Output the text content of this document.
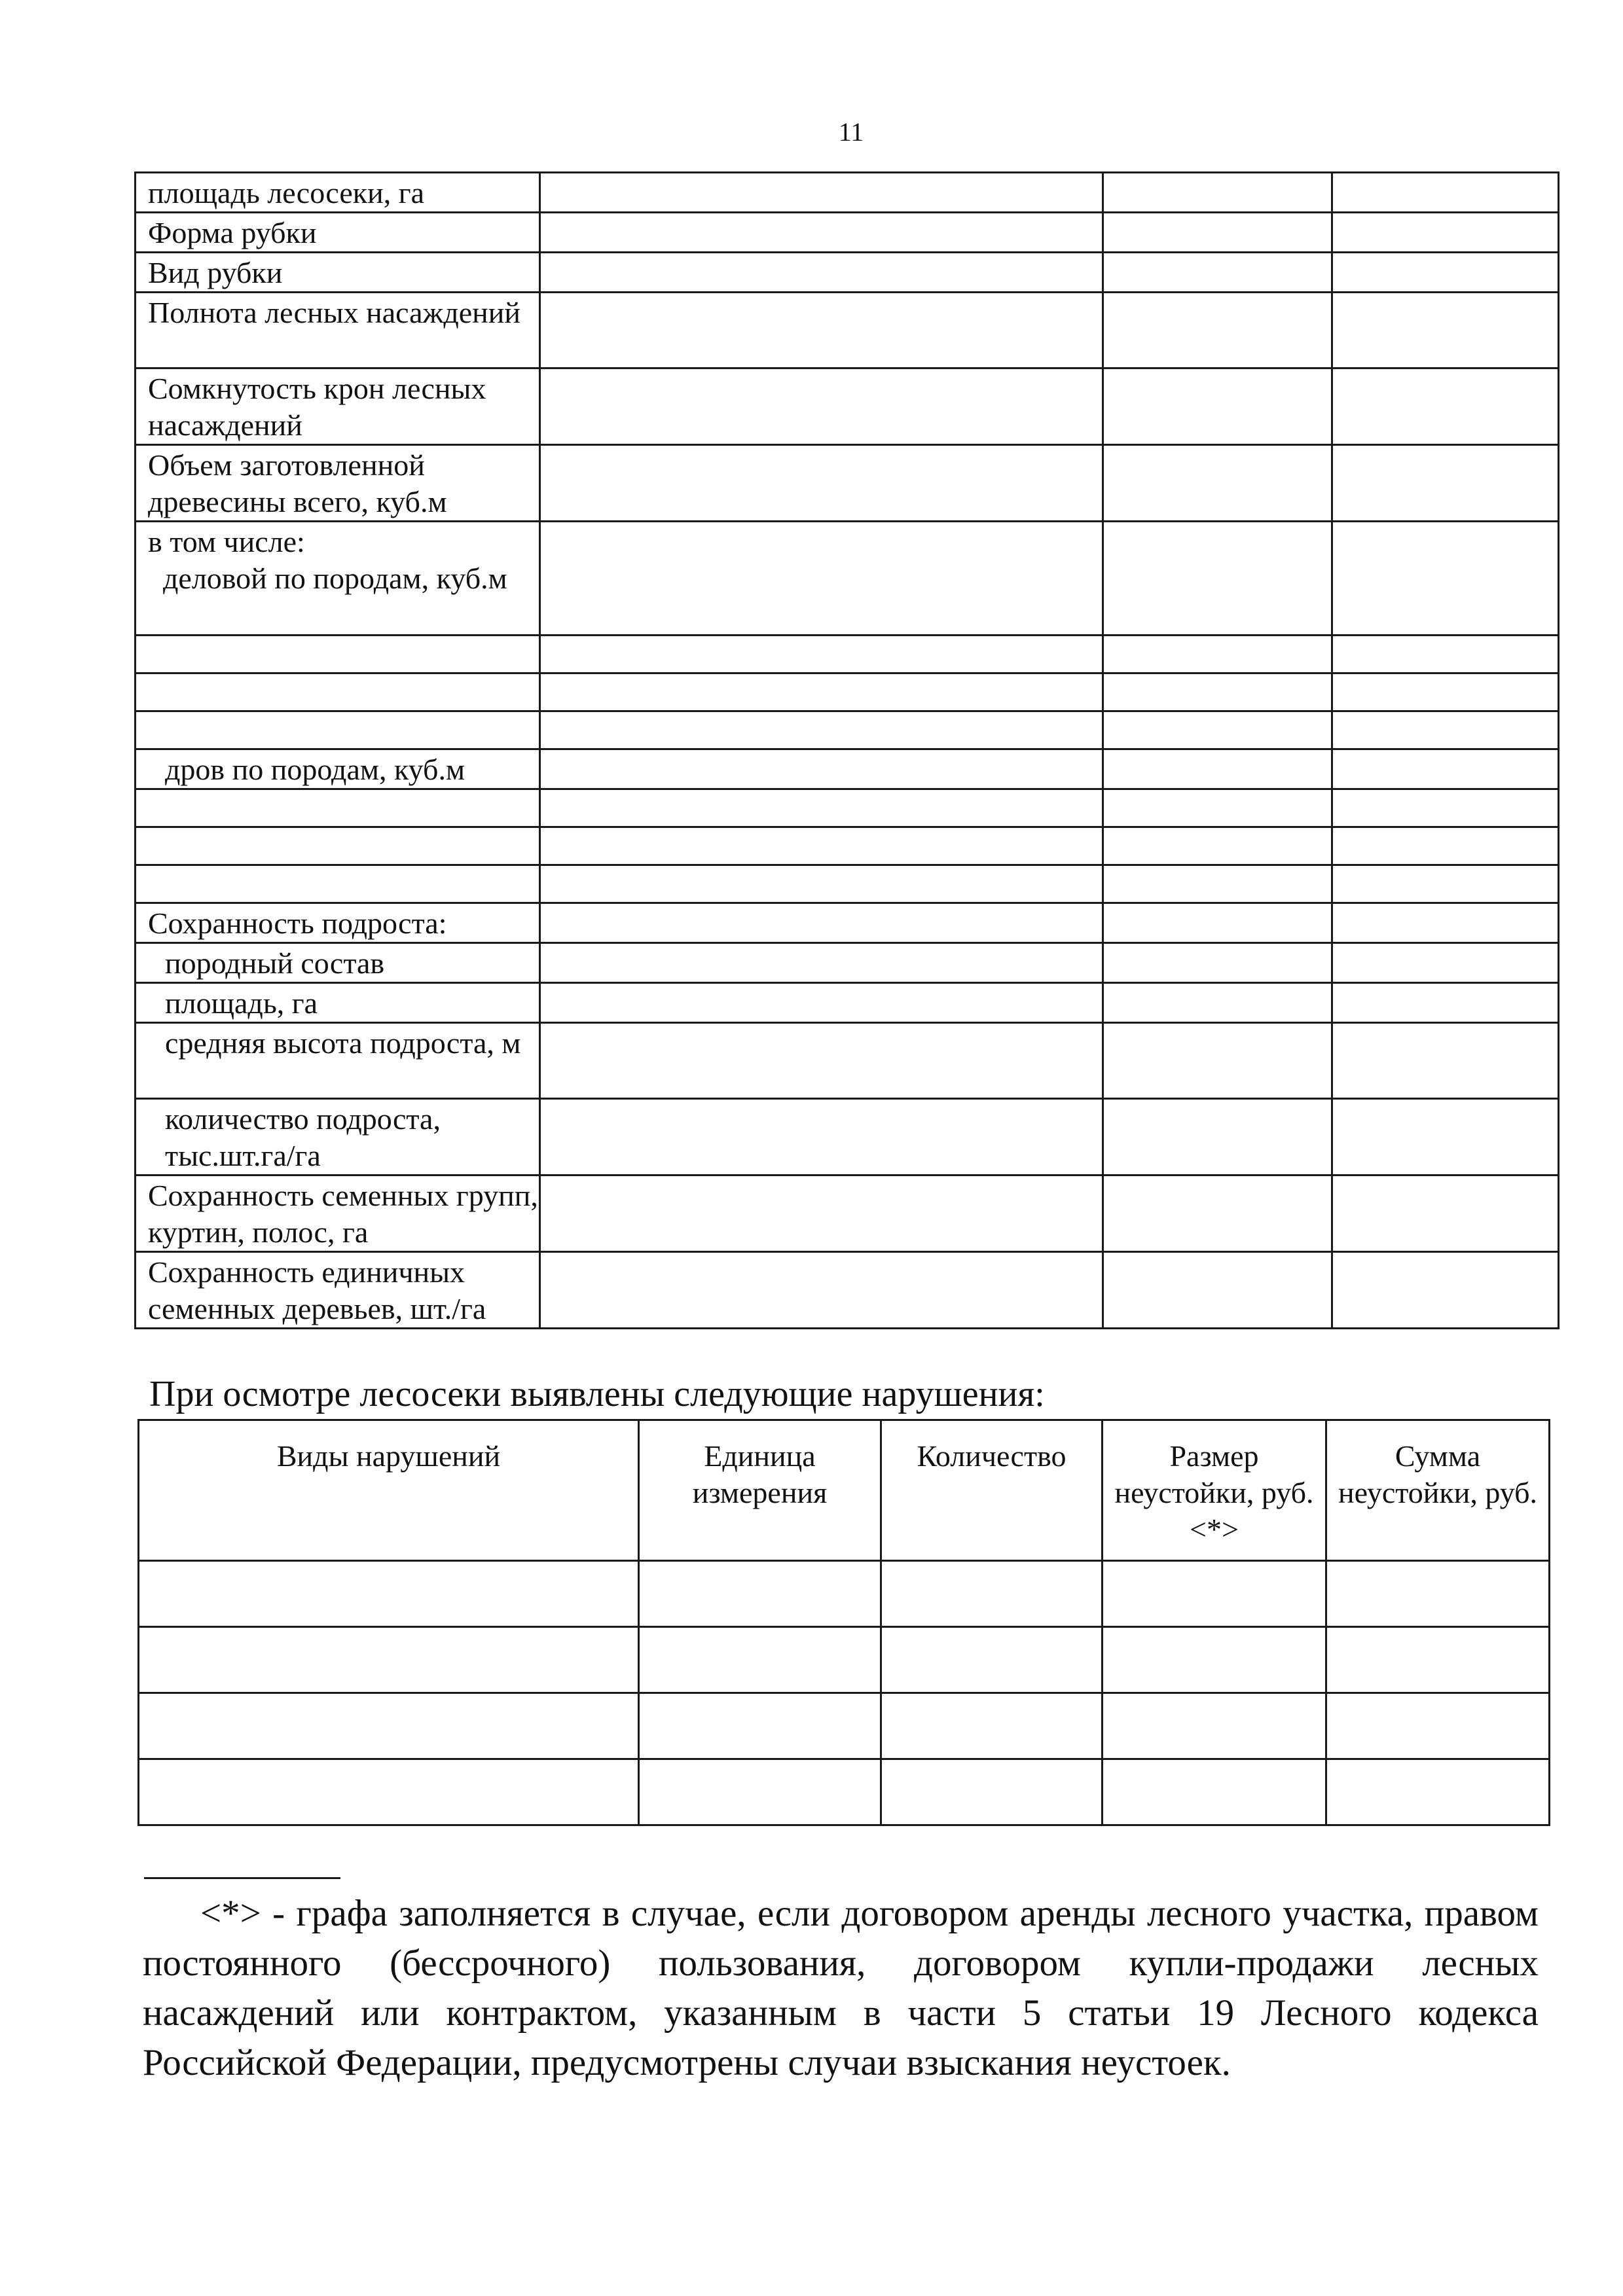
11
площадь лесосеки, га			
Форма рубки			
Вид рубки			
Полнота лесных насаждений			
Сомкнутость крон лесных насаждений			
Объем заготовленной древесины всего, куб.м			
в том числе:
деловой по породам, куб.м			

дров по породам, куб.м			

Сохранность подроста:			
породный состав			
площадь, га			
средняя высота подроста, м			
количество подроста, тыс.шт.га/га			
Сохранность семенных групп, куртин, полос, га			
Сохранность единичных семенных деревьев, шт./га			
При осмотре лесосеки выявлены следующие нарушения:
Виды нарушений	Единица измерения	Количество	Размер неустойки, руб. <*>	Сумма неустойки, руб.

<*> - графа заполняется в случае, если договором аренды лесного участка, правом постоянного (бессрочного) пользования, договором купли-продажи лесных насаждений или контрактом, указанным в части 5 статьи 19 Лесного кодекса Российской Федерации, предусмотрены случаи взыскания неустоек.
